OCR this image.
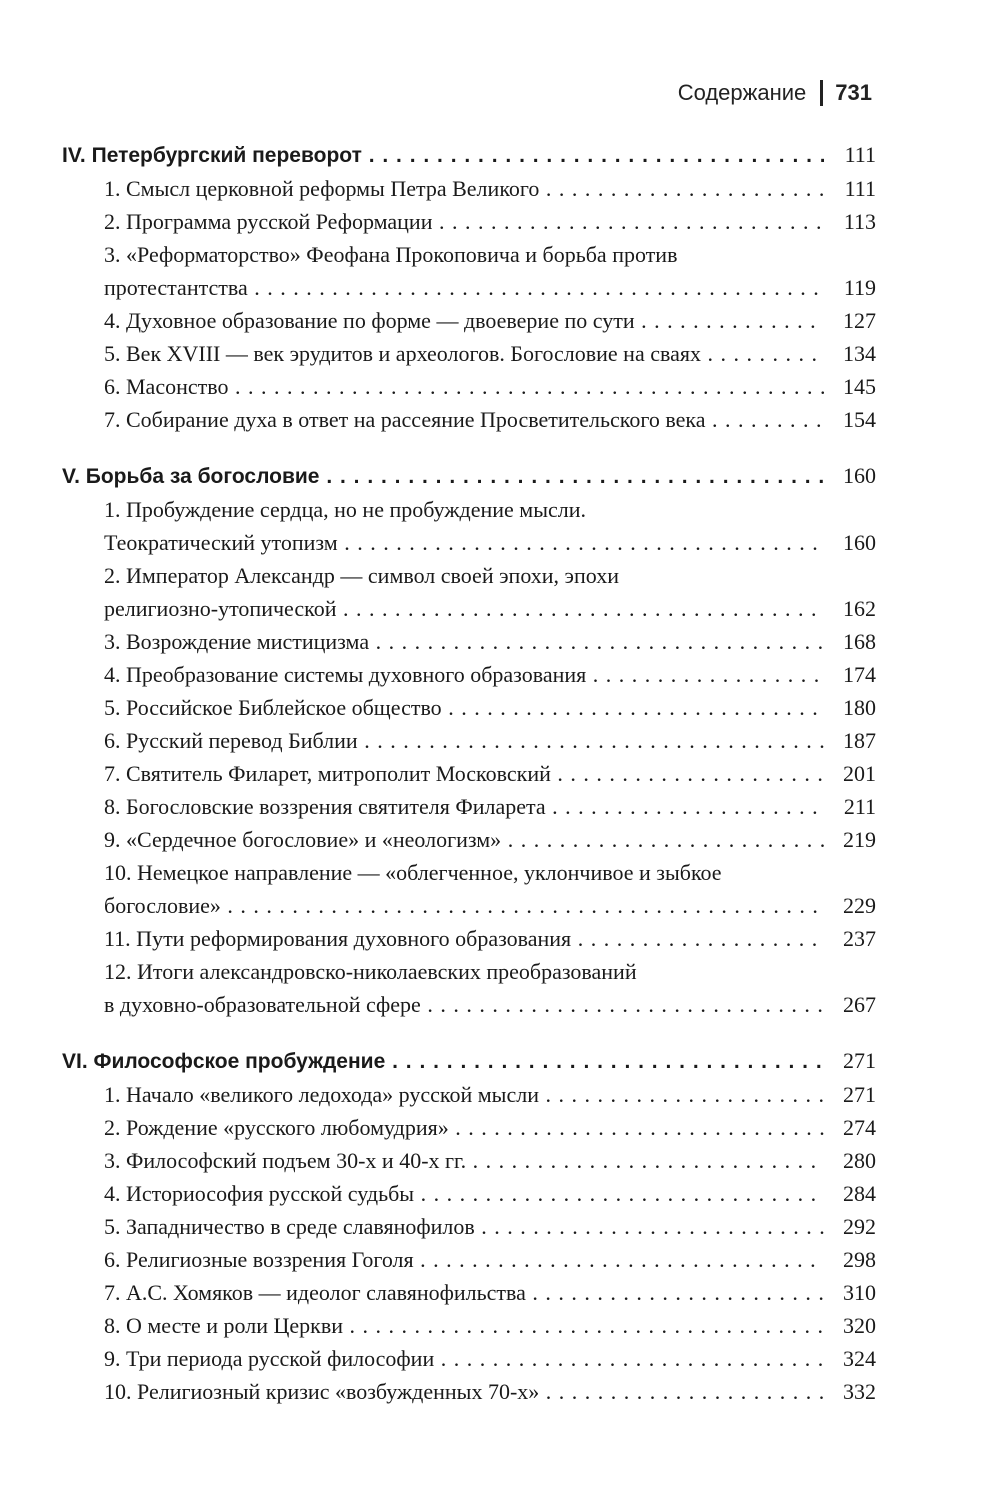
Содержание 731
IV. Петербургский переворот . . .	111
1. Смысл церковной реформы Петра Великого . . .	111
2. Программа русской Реформации . . .	113
3. «Реформаторство» Феофана Прокоповича и борьба против
протестантства . . .	119
4. Духовное образование по форме — двоеверие по сути . . .	127
5. Век XVIII — век эрудитов и археологов. Богословие на сваях . . .	134
6. Масонство . . .	145
7. Собирание духа в ответ на рассеяние Просветительского века . . .	154
V. Борьба за богословие . . .	160
1. Пробуждение сердца, но не пробуждение мысли.
Теократический утопизм . . .	160
2. Император Александр — символ своей эпохи, эпохи
религиозно-утопической . . .	162
3. Возрождение мистицизма . . .	168
4. Преобразование системы духовного образования . . .	174
5. Российское Библейское общество . . .	180
6. Русский перевод Библии . . .	187
7. Святитель Филарет, митрополит Московский . . .	201
8. Богословские воззрения святителя Филарета . . .	211
9. «Сердечное богословие» и «неологизм» . . .	219
10. Немецкое направление — «облегченное, уклончивое и зыбкое
богословие» . . .	229
11. Пути реформирования духовного образования . . .	237
12. Итоги александровско-николаевских преобразований
в духовно-образовательной сфере . . .	267
VI. Философское пробуждение . . .	271
1. Начало «великого ледохода» русской мысли . . .	271
2. Рождение «русского любомудрия» . . .	274
3. Философский подъем 30-х и 40-х гг. . . .	280
4. Историософия русской судьбы . . .	284
5. Западничество в среде славянофилов . . .	292
6. Религиозные воззрения Гоголя . . .	298
7. А.С. Хомяков — идеолог славянофильства . . .	310
8. О месте и роли Церкви . . .	320
9. Три периода русской философии . . .	324
10. Религиозный кризис «возбужденных 70-х» . . .	332
